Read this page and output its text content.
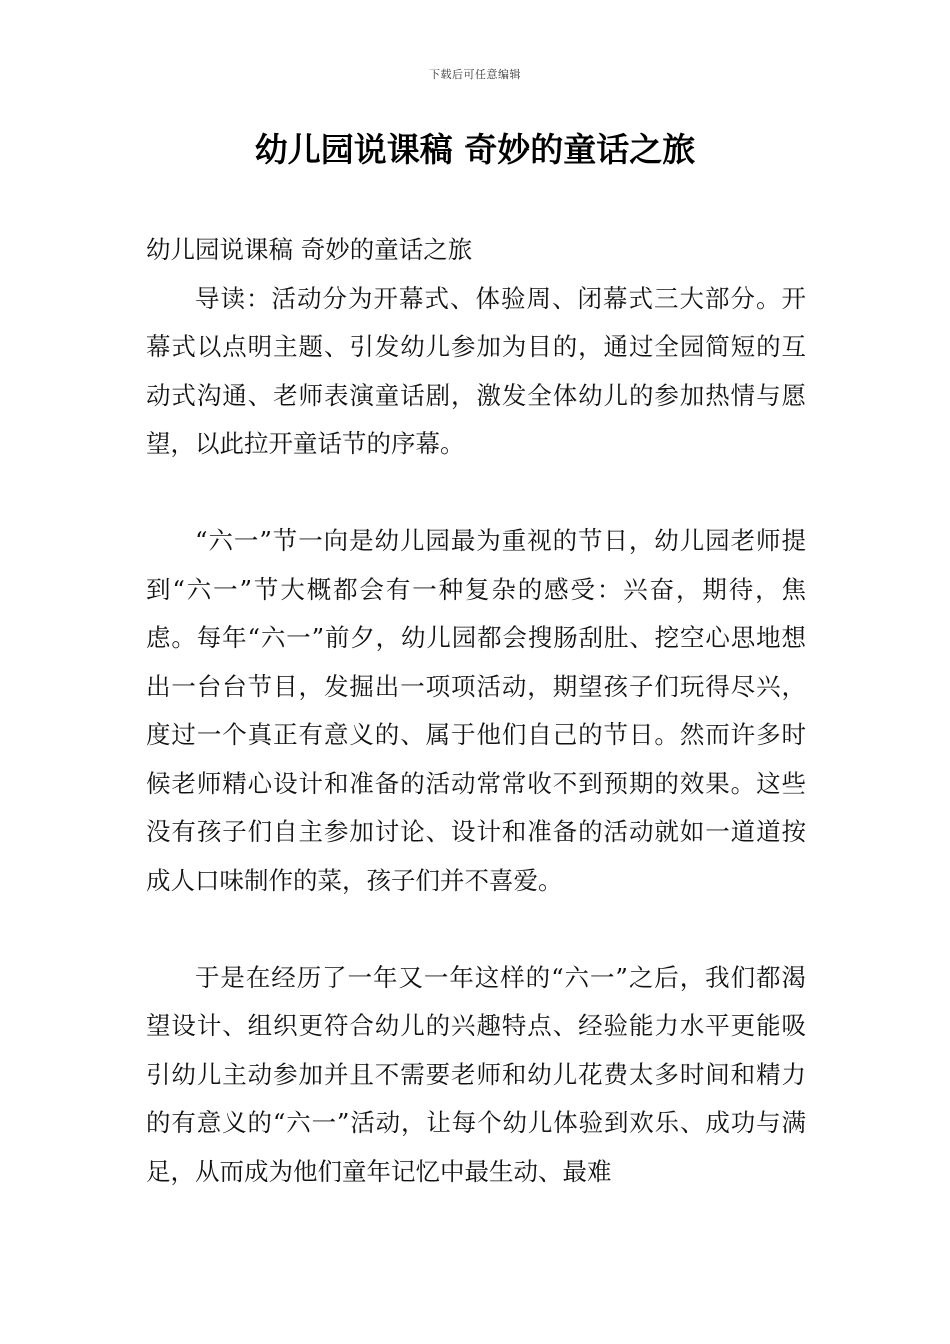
下载后可任意编辑
幼儿园说课稿 奇妙的童话之旅

幼儿园说课稿 奇妙的童话之旅

导读：活动分为开幕式、体验周、闭幕式三大部分。开幕式以点明主题、引发幼儿参加为目的，通过全园简短的互动式沟通、老师表演童话剧，激发全体幼儿的参加热情与愿望，以此拉开童话节的序幕。

“六一”节一向是幼儿园最为重视的节日，幼儿园老师提到“六一”节大概都会有一种复杂的感受：兴奋，期待，焦虑。每年“六一”前夕，幼儿园都会搜肠刮肚、挖空心思地想出一台台节目，发掘出一项项活动，期望孩子们玩得尽兴，度过一个真正有意义的、属于他们自己的节日。然而许多时候老师精心设计和准备的活动常常收不到预期的效果。这些没有孩子们自主参加讨论、设计和准备的活动就如一道道按成人口味制作的菜，孩子们并不喜爱。

于是在经历了一年又一年这样的“六一”之后，我们都渴望设计、组织更符合幼儿的兴趣特点、经验能力水平更能吸引幼儿主动参加并且不需要老师和幼儿花费太多时间和精力的有意义的“六一”活动，让每个幼儿体验到欢乐、成功与满足，从而成为他们童年记忆中最生动、最难
